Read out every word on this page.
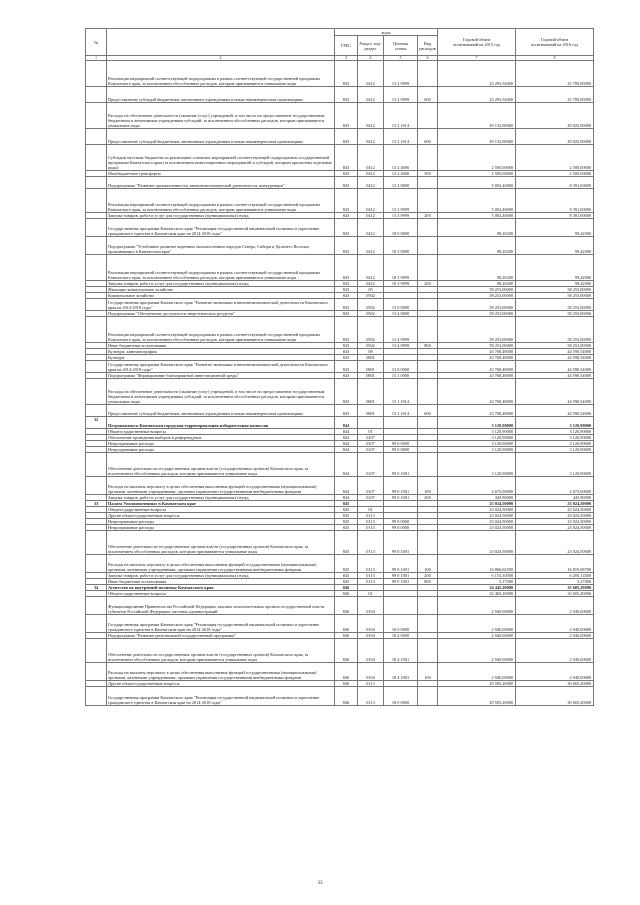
№		коды				Годовой объем
ассигнований на 2015 год	Годовой объем
ассигнований на 2016 год
		ГРБС	Раздел, под-
раздел	Целевая
статья	Вид
расходов		
1	2	3	4	5	6	7	8
	Реализация мероприятий соответствующей подпрограммы в рамках соответствующей государственной программы Камчатского края, за исключением обособленных расходов, которым присваиваются уникальные коды	843	0412	13 2 9999		23 293,54000	25 700,00000
	Предоставление субсидий бюджетным, автономным учреждениям и иным некоммерческим организациям	843	0412	13 2 9999	600	23 293,54000	25 700,00000
	Расходы на обеспечение деятельности (оказание услуг) учреждений, в том числе на предоставление государственным бюджетным и автономным учреждениям субсидий, за исключением обособленных расходов, которым присваиваются уникальные коды	843	0412	13 2 1014		49 152,00000	49 825,00000
	Предоставление субсидий бюджетным, автономным учреждениям и иным некоммерческим организациям	843	0412	13 2 1014	600	49 152,00000	49 825,00000
	Субсидии местным бюджетам на реализацию основных мероприятий соответствующей подпрограммы государственной программы Камчатского края (за исключением инвестиционных мероприятий и субсидий, которым присвоены отдельные коды)	843	0412	13 2 4006		2 500,00000	2 500,00000
	Межбюджетные трансферты	843	0412	13 2 4006	500	2 500,00000	2 500,00000
	Подпрограмма "Развитие промышленности, внешнеэкономической деятельности, конкуренции"	843	0412	13 3 0000		5 002,46000	8 391,00000
	Реализация мероприятий соответствующей подпрограммы в рамках соответствующей государственной программы Камчатского края, за исключением обособленных расходов, которым присваиваются уникальные коды	843	0412	13 3 9999		5 002,46000	8 391,00000
	Закупка товаров, работ и услуг для государственных (муниципальных) нужд	843	0412	13 3 9999	200	5 002,46000	8 391,00000
	Государственная программа Камчатского края "Реализация государственной национальной политики и укрепление гражданского единства в Камчатском крае на 2014-2018 годы"	843	0412	18 0 0000		98,20200	99,42000
	Подпрограмма "Устойчивое развитие коренных малочисленных народов Севера, Сибири и Дальнего Востока, проживающих в Камчатском крае"	843	0412	18 3 0000		98,20200	99,42000
	Реализация мероприятий соответствующей подпрограммы в рамках соответствующей государственной программы Камчатского края, за исключением обособленных расходов, которым присваиваются уникальные коды	843	0412	18 3 9999		98,20200	99,42000
	Закупка товаров, работ и услуг для государственных (муниципальных) нужд	843	0412	18 3 9999	200	98,20200	99,42000
	Жилищно-коммунальное хозяйство	843	05			58 253,00000	58 253,00000
	Коммунальное хозяйство	843	0502			58 253,00000	58 253,00000
	Государственная программа Камчатского края "Развитие экономики и внешнеэкономической деятельности Камчатского края на 2014-2018 годы"	843	0502	13 0 0000		58 253,00000	58 253,00000
	Подпрограмма "Обеспечение доступности энергетических ресурсов"	843	0502	13 4 0000		58 253,00000	58 253,00000
	Реализация мероприятий соответствующей подпрограммы в рамках соответствующей государственной программы Камчатского края, за исключением обособленных расходов, которым присваиваются уникальные коды	843	0502	13 4 9999		58 253,00000	58 253,00000
	Иные бюджетные ассигнования	843	0502	13 4 9999	800	58 253,00000	58 253,00000
	Культура, кинематография	843	08			43 768,48000	44 590,54000
	Культура	843	0801			43 768,48000	44 590,54000
	Государственная программа Камчатского края "Развитие экономики и внешнеэкономической деятельности Камчатского края на 2014-2018 годы"	843	0801	13 0 0000		43 768,48000	44 590,54000
	Подпрограмма "Формирование благоприятной инвестиционной среды"	843	0801	13 1 0000		43 768,48000	44 590,54000
	Расходы на обеспечение деятельности (оказание услуг) учреждений, в том числе на предоставление государственным бюджетным и автономным учреждениям субсидий, за исключением обособленных расходов, которым присваиваются уникальные коды	843	0801	13 1 1014		43 768,48000	44 590,54000
	Предоставление субсидий бюджетным, автономным учреждениям и иным некоммерческим организациям	843	0801	13 1 1014	600	43 768,48000	44 590,54000
32	Петропавловск-Камчатская городская территориальная избирательная комиссия	844				3 120,90000	3 120,90000
	Общегосударственные вопросы	844	01			3 120,90000	3 120,90000
	Обеспечение проведения выборов и референдумов	844	0107			3 120,90000	3 120,90000
	Непрограммные расходы	844	0107	99 0 0000		3 120,90000	3 120,90000
	Непрограммные расходы	844	0107	99 0 0000		3 120,90000	3 120,90000
	Обеспечение деятельности государственных органов власти (государственных органов) Камчатского края, за исключением обособленных расходов, которым присваиваются уникальные коды	844	0107	99 0 1001		3 120,90000	3 120,90000
	Расходы на выплаты персоналу в целях обеспечения выполнения функций государственными (муниципальными) органами, казенными учреждениями, органами управления государственными внебюджетными фондами	844	0107	99 0 1001	100	2 675,00000	2 675,00000
	Закупка товаров, работ и услуг для государственных (муниципальных) нужд	844	0107	99 0 1001	200	445,90000	445,90000
33	Палата Уполномоченных в Камчатском крае	845				23 024,50000	23 024,50000
	Общегосударственные вопросы	845	01			23 024,50000	23 024,50000
	Другие общегосударственные вопросы	845	0113			23 024,50000	23 024,50000
	Непрограммные расходы	845	0113	99 0 0000		23 024,50000	23 024,50000
	Непрограммные расходы	845	0113	99 0 0000		23 024,50000	23 024,50000
	Обеспечение деятельности государственных органов власти (государственных органов) Камчатского края, за исключением обособленных расходов, которым присваиваются уникальные коды	845	0113	99 0 1001		23 024,50000	23 024,50000
	Расходы на выплаты персоналу в целях обеспечения выполнения функций государственными (муниципальными) органами, казенными учреждениями, органами управления государственными внебюджетными фондами	845	0113	99 0 1001	100	16 866,02500	16 819,08700
	Закупка товаров, работ и услуг для государственных (муниципальных) нужд	845	0113	99 0 1001	200	6 153,30500	6 200,14300
	Иные бюджетные ассигнования	845	0113	99 0 1001	800	5,17000	5,27000
34	Агентство по внутренней политике Камчатского края	846				34 445,20000	35 605,20000
	Общегосударственные вопросы	846	01			32 465,20000	33 605,20000
	Функционирование Правительства Российской Федерации, высших исполнительных органов государственной власти субъектов Российской Федерации, местных администраций	846	0104			2 940,00000	2 940,00000
	Государственная программа Камчатского края "Реализация государственной национальной политики и укрепление гражданского единства в Камчатском крае на 2014-2018 годы"	846	0104	18 0 0000		2 940,00000	2 940,00000
	Подпрограмма "Развитие региональной государственной программы"	846	0104	18 4 0000		2 940,00000	2 940,00000
	Обеспечение деятельности государственных органов власти (государственных органов) Камчатского края, за исключением обособленных расходов, которым присваиваются уникальные коды	846	0104	18 4 1001		2 940,00000	2 940,00000
	Расходы на выплаты персоналу в целях обеспечения выполнения функций государственными (муниципальными) органами, казенными учреждениями, органами управления государственными внебюджетными фондами	846	0104	18 4 1001	100	2 940,00000	2 940,00000
	Другие общегосударственные вопросы	846	0113			29 505,20000	30 665,20000
	Государственная программа Камчатского края "Реализация государственной национальной политики и укрепление гражданского единства в Камчатском крае на 2014-2018 годы"	846	0113	18 0 0000		29 505,20000	30 665,20000
33
